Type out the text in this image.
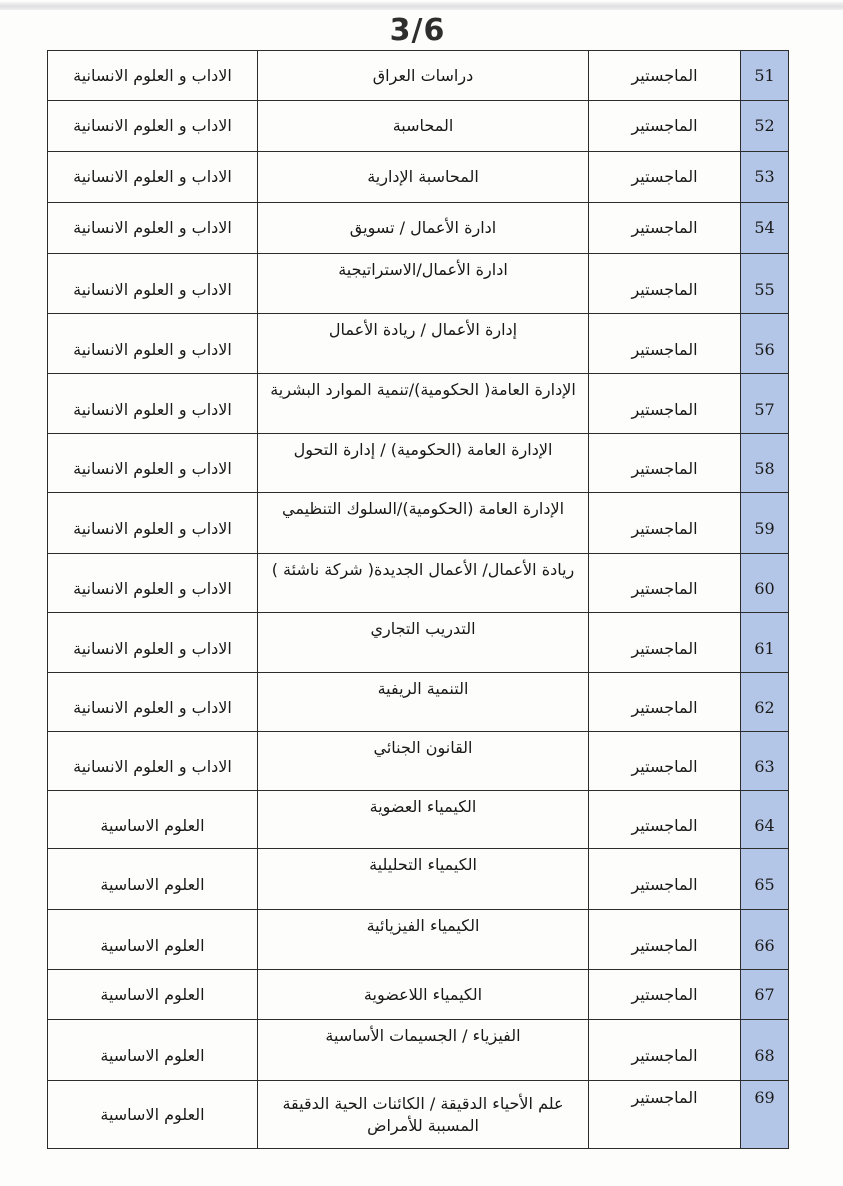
3/6
51	الماجستير	دراسات العراق	الاداب و العلوم الانسانية
52	الماجستير	المحاسبة	الاداب و العلوم الانسانية
53	الماجستير	المحاسبة الإدارية	الاداب و العلوم الانسانية
54	الماجستير	ادارة الأعمال / تسويق	الاداب و العلوم الانسانية
55	الماجستير	ادارة الأعمال/الاستراتيجية	الاداب و العلوم الانسانية
56	الماجستير	إدارة الأعمال / ريادة الأعمال	الاداب و العلوم الانسانية
57	الماجستير	الإدارة العامة( الحكومية)/تنمية الموارد البشرية	الاداب و العلوم الانسانية
58	الماجستير	الإدارة العامة (الحكومية) / إدارة التحول	الاداب و العلوم الانسانية
59	الماجستير	الإدارة العامة (الحكومية)/السلوك التنظيمي	الاداب و العلوم الانسانية
60	الماجستير	ريادة الأعمال/ الأعمال الجديدة( شركة ناشئة )	الاداب و العلوم الانسانية
61	الماجستير	التدريب التجاري	الاداب و العلوم الانسانية
62	الماجستير	التنمية الريفية	الاداب و العلوم الانسانية
63	الماجستير	القانون الجنائي	الاداب و العلوم الانسانية
64	الماجستير	الكيمياء العضوية	العلوم الاساسية
65	الماجستير	الكيمياء التحليلية	العلوم الاساسية
66	الماجستير	الكيمياء الفيزيائية	العلوم الاساسية
67	الماجستير	الكيمياء اللاعضوية	العلوم الاساسية
68	الماجستير	الفيزياء / الجسيمات الأساسية	العلوم الاساسية
69	الماجستير	علم الأحياء الدقيقة / الكائنات الحية الدقيقة المسببة للأمراض	العلوم الاساسية
